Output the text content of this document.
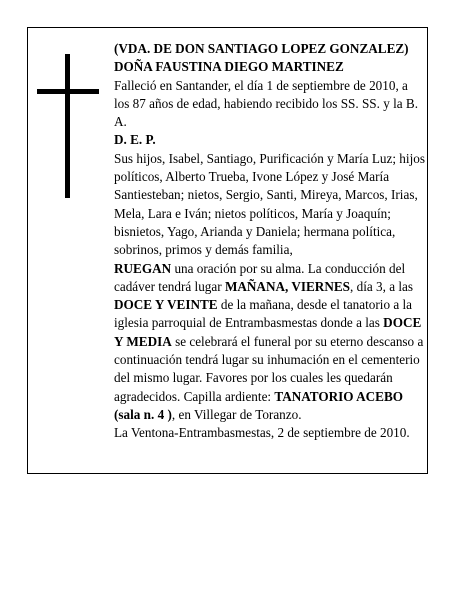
(VDA. DE DON SANTIAGO LOPEZ GONZALEZ)

DOÑA FAUSTINA DIEGO MARTINEZ

Falleció en Santander, el día 1 de septiembre de 2010, a los 87 años de edad, habiendo recibido los SS. SS. y la B. A.

D. E. P.

Sus hijos, Isabel, Santiago, Purificación y María Luz; hijos políticos, Alberto Trueba, Ivone López y José María Santiesteban; nietos, Sergio, Santi, Mireya, Marcos, Irias, Mela, Lara e Iván; nietos políticos, María y Joaquín; bisnietos, Yago, Arianda y Daniela; hermana política, sobrinos, primos y demás familia,

RUEGAN una oración por su alma. La conducción del cadáver tendrá lugar MAÑANA, VIERNES, día 3, a las DOCE Y VEINTE de la mañana, desde el tanatorio a la iglesia parroquial de Entrambasmestas donde a las DOCE Y MEDIA se celebrará el funeral por su eterno descanso a continuación tendrá lugar su inhumación en el cementerio del mismo lugar. Favores por los cuales les quedarán agradecidos. Capilla ardiente: TANATORIO ACEBO (sala n. 4 ), en Villegar de Toranzo.

La Ventona-Entrambasmestas, 2 de septiembre de 2010.
